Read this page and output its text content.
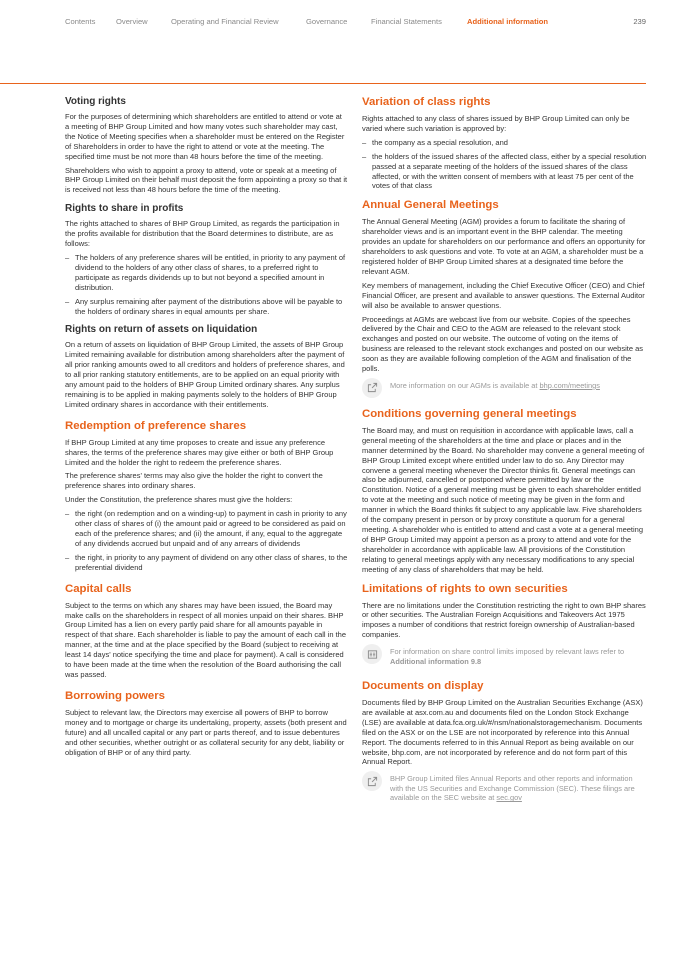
Contents	Overview	Operating and Financial Review	Governance	Financial Statements	Additional information	239
Voting rights

For the purposes of determining which shareholders are entitled to attend or vote at a meeting of BHP Group Limited and how many votes such shareholder may cast, the Notice of Meeting specifies when a shareholder must be entered on the Register of Shareholders in order to have the right to attend or vote at the meeting. The specified time must be not more than 48 hours before the time of the meeting.

Shareholders who wish to appoint a proxy to attend, vote or speak at a meeting of BHP Group Limited on their behalf must deposit the form appointing a proxy so that it is received not less than 48 hours before the time of the meeting.

Rights to share in profits

The rights attached to shares of BHP Group Limited, as regards the participation in the profits available for distribution that the Board determines to distribute, are as follows:

– The holders of any preference shares will be entitled, in priority to any payment of dividend to the holders of any other class of shares, to a preferred right to participate as regards dividends up to but not beyond a specified amount in distribution.
– Any surplus remaining after payment of the distributions above will be payable to the holders of ordinary shares in equal amounts per share.
Rights on return of assets on liquidation

On a return of assets on liquidation of BHP Group Limited, the assets of BHP Group Limited remaining available for distribution among shareholders after the payment of all prior ranking amounts owed to all creditors and holders of preference shares, and to all prior ranking statutory entitlements, are to be applied on an equal priority with any amount paid to the holders of BHP Group Limited ordinary shares. Any surplus remaining is to be applied in making payments solely to the holders of BHP Group Limited ordinary shares in accordance with their entitlements.

Redemption of preference shares

If BHP Group Limited at any time proposes to create and issue any preference shares, the terms of the preference shares may give either or both of BHP Group Limited and the holder the right to redeem the preference shares.

The preference shares' terms may also give the holder the right to convert the preference shares into ordinary shares.

Under the Constitution, the preference shares must give the holders:

– the right (on redemption and on a winding-up) to payment in cash in priority to any other class of shares of (i) the amount paid or agreed to be considered as paid on each of the preference shares; and (ii) the amount, if any, equal to the aggregate of any dividends accrued but unpaid and of any arrears of dividends
– the right, in priority to any payment of dividend on any other class of shares, to the preferential dividend
Capital calls

Subject to the terms on which any shares may have been issued, the Board may make calls on the shareholders in respect of all monies unpaid on their shares. BHP Group Limited has a lien on every partly paid share for all amounts payable in respect of that share. Each shareholder is liable to pay the amount of each call in the manner, at the time and at the place specified by the Board (subject to receiving at least 14 days' notice specifying the time and place for payment). A call is considered to have been made at the time when the resolution of the Board authorising the call was passed.

Borrowing powers

Subject to relevant law, the Directors may exercise all powers of BHP to borrow money and to mortgage or charge its undertaking, property, assets (both present and future) and all uncalled capital or any part or parts thereof, and to issue debentures and other securities, whether outright or as collateral security for any debt, liability or obligation of BHP or of any third party.

Variation of class rights

Rights attached to any class of shares issued by BHP Group Limited can only be varied where such variation is approved by:

– the company as a special resolution, and
– the holders of the issued shares of the affected class, either by a special resolution passed at a separate meeting of the holders of the issued shares of the class affected, or with the written consent of members with at least 75 per cent of the votes of that class
Annual General Meetings

The Annual General Meeting (AGM) provides a forum to facilitate the sharing of shareholder views and is an important event in the BHP calendar. The meeting provides an update for shareholders on our performance and offers an opportunity for shareholders to ask questions and vote. To vote at an AGM, a shareholder must be a registered holder of BHP Group Limited shares at a designated time before the relevant AGM.

Key members of management, including the Chief Executive Officer (CEO) and Chief Financial Officer, are present and available to answer questions. The External Auditor will also be available to answer questions.

Proceedings at AGMs are webcast live from our website. Copies of the speeches delivered by the Chair and CEO to the AGM are released to the relevant stock exchanges and posted on our website. The outcome of voting on the items of business are released to the relevant stock exchanges and posted on our website as soon as they are available following completion of the AGM and finalisation of the polls.

More information on our AGMs is available at bhp.com/meetings

Conditions governing general meetings

The Board may, and must on requisition in accordance with applicable laws, call a general meeting of the shareholders at the time and place or places and in the manner determined by the Board. No shareholder may convene a general meeting of BHP Group Limited except where entitled under law to do so. Any Director may convene a general meeting whenever the Director thinks fit. General meetings can also be adjourned, cancelled or postponed where permitted by law or the Constitution. Notice of a general meeting must be given to each shareholder entitled to vote at the meeting and such notice of meeting may be given in the form and manner in which the Board thinks fit subject to any applicable law. Five shareholders of the company present in person or by proxy constitute a quorum for a general meeting. A shareholder who is entitled to attend and cast a vote at a general meeting of BHP Group Limited may appoint a person as a proxy to attend and vote for the shareholder in accordance with applicable law. All provisions of the Constitution relating to general meetings apply with any necessary modifications to any special meeting of any class of shareholders that may be held.

Limitations of rights to own securities

There are no limitations under the Constitution restricting the right to own BHP shares or other securities. The Australian Foreign Acquisitions and Takeovers Act 1975 imposes a number of conditions that restrict foreign ownership of Australian-based companies.

For information on share control limits imposed by relevant laws refer to Additional information 9.8

Documents on display

Documents filed by BHP Group Limited on the Australian Securities Exchange (ASX) are available at asx.com.au and documents filed on the London Stock Exchange (LSE) are available at data.fca.org.uk/#/nsm/nationalstoragemechanism. Documents filed on the ASX or on the LSE are not incorporated by reference into this Annual Report. The documents referred to in this Annual Report as being available on our website, bhp.com, are not incorporated by reference and do not form part of this Annual Report.

BHP Group Limited files Annual Reports and other reports and information with the US Securities and Exchange Commission (SEC). These filings are available on the SEC website at sec.gov
